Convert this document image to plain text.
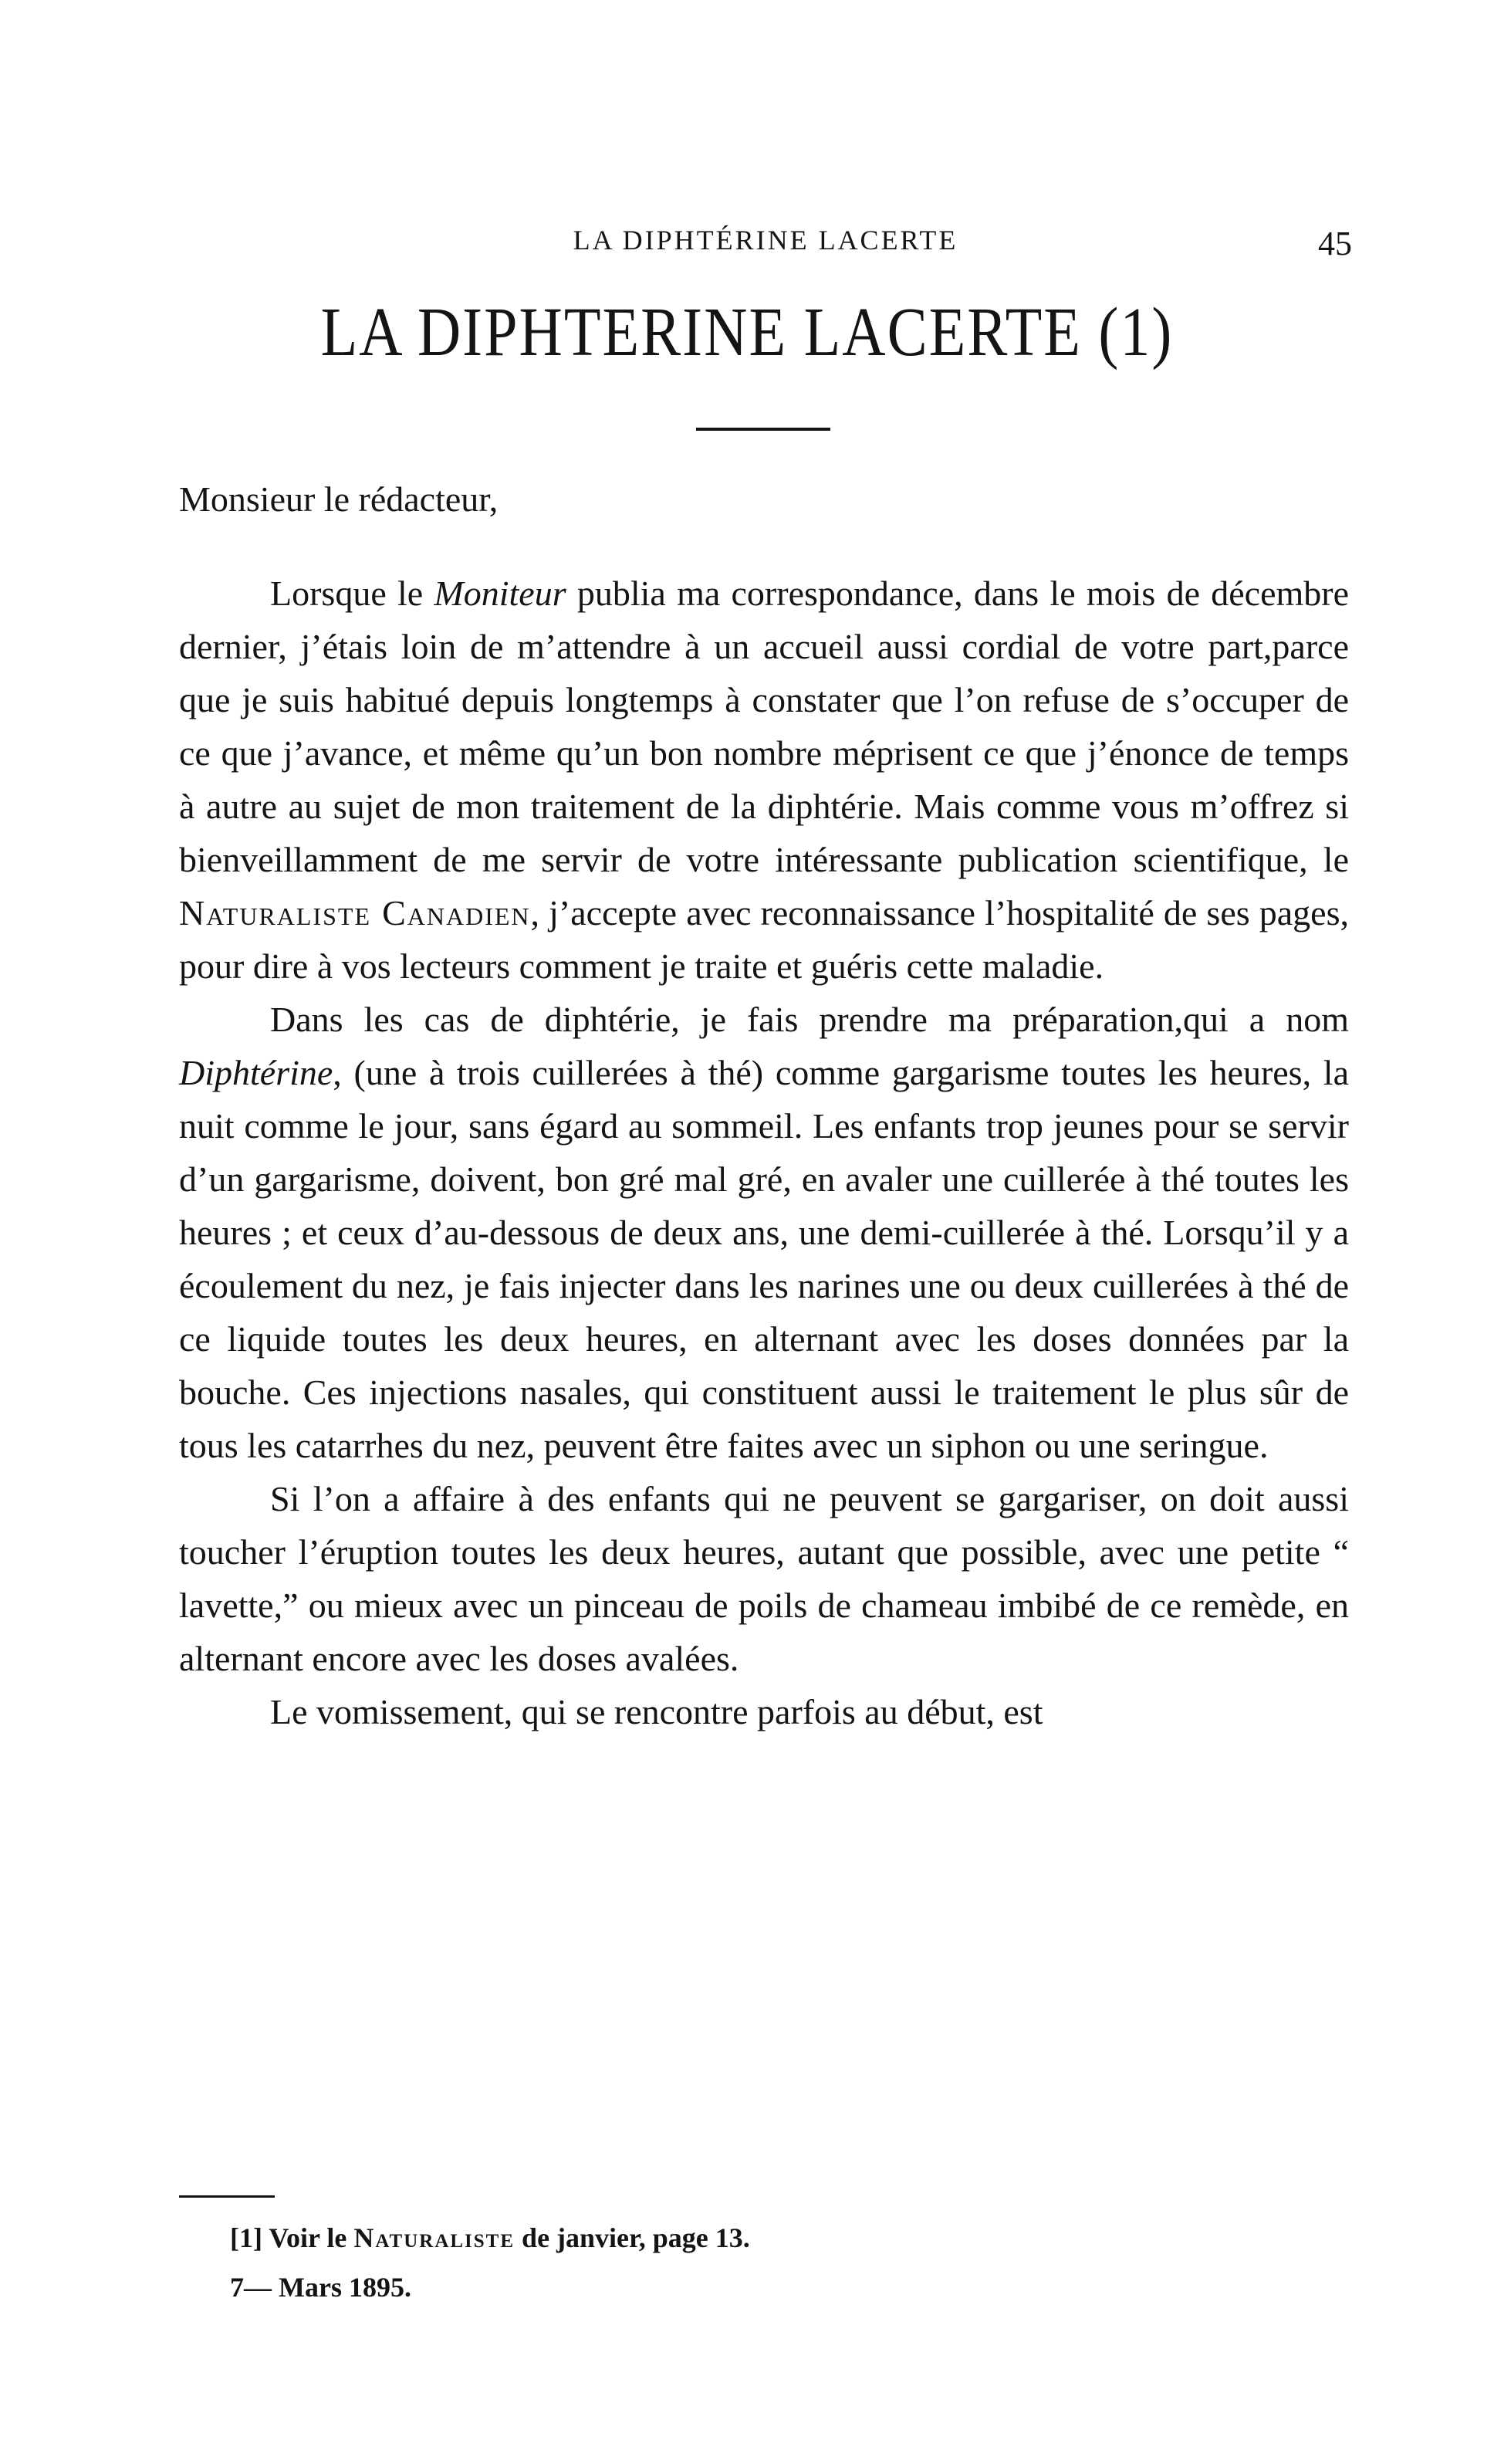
LA DIPHTÉRINE LACERTE	45
LA DIPHTERINE LACERTE (1)
Monsieur le rédacteur,

Lorsque le Moniteur publia ma correspondance, dans le mois de décembre dernier, j’étais loin de m’attendre à un accueil aussi cordial de votre part,parce que je suis habitué depuis longtemps à constater que l’on refuse de s’occuper de ce que j’avance, et même qu’un bon nombre méprisent ce que j’énonce de temps à autre au sujet de mon traitement de la diphtérie. Mais comme vous m’offrez si bienveillamment de me servir de votre intéressante publication scientifique, le Naturaliste Canadien, j’accepte avec reconnaissance l’hospitalité de ses pages, pour dire à vos lecteurs comment je traite et guéris cette maladie.

Dans les cas de diphtérie, je fais prendre ma préparation,qui a nom Diphtérine, (une à trois cuillerées à thé) comme gargarisme toutes les heures, la nuit comme le jour, sans égard au sommeil. Les enfants trop jeunes pour se servir d’un gargarisme, doivent, bon gré mal gré, en avaler une cuillerée à thé toutes les heures ; et ceux d’au-dessous de deux ans, une demi-cuillerée à thé. Lorsqu’il y a écoulement du nez, je fais injecter dans les narines une ou deux cuillerées à thé de ce liquide toutes les deux heures, en alternant avec les doses données par la bouche. Ces injections nasales, qui constituent aussi le traitement le plus sûr de tous les catarrhes du nez, peuvent être faites avec un siphon ou une seringue.

Si l’on a affaire à des enfants qui ne peuvent se gargariser, on doit aussi toucher l’éruption toutes les deux heures, autant que possible, avec une petite “ lavette,” ou mieux avec un pinceau de poils de chameau imbibé de ce remède, en alternant encore avec les doses avalées.

Le vomissement, qui se rencontre parfois au début, est

[1] Voir le Naturaliste de janvier, page 13.
7— Mars 1895.
